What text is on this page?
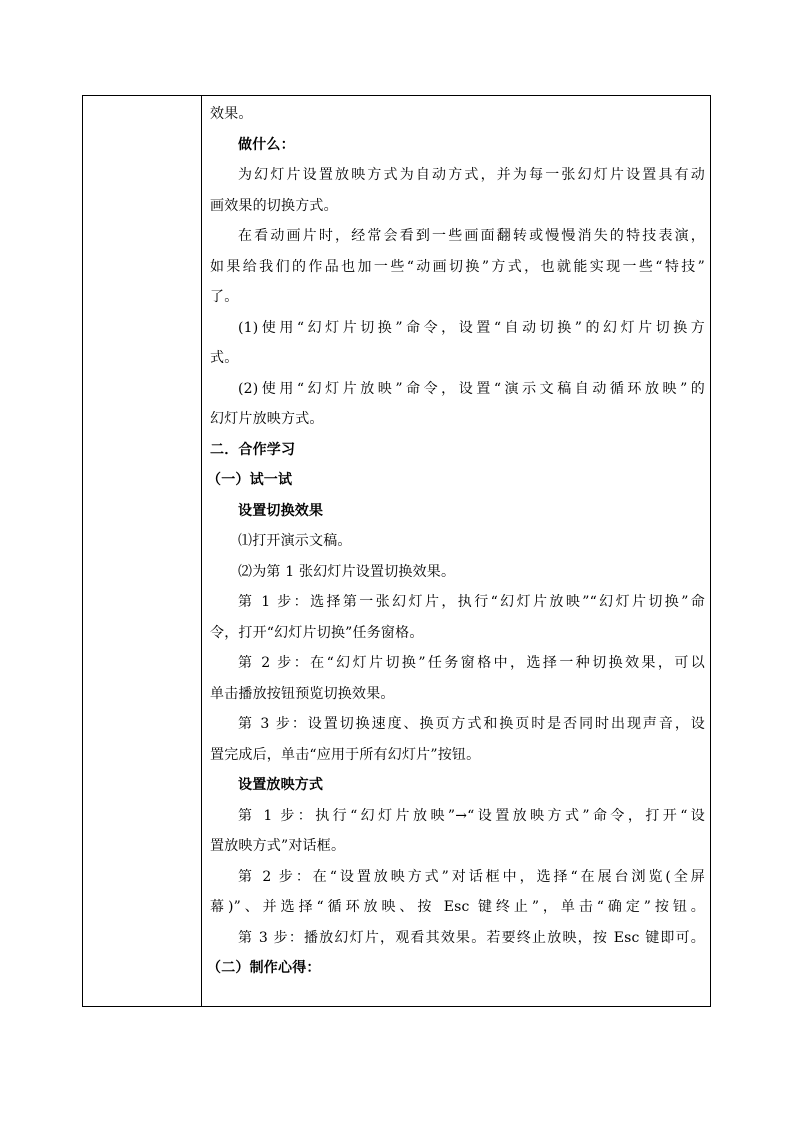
效果。
做什么：
为幻灯片设置放映方式为自动方式，并为每一张幻灯片设置具有动
画效果的切换方式。
在看动画片时，经常会看到一些画面翻转或慢慢消失的特技表演，
如果给我们的作品也加一些“动画切换”方式，也就能实现一些“特技”
了。
(1)使用“幻灯片切换”命令，设置“自动切换”的幻灯片切换方
式。
(2)使用“幻灯片放映”命令，设置“演示文稿自动循环放映”的
幻灯片放映方式。
二．合作学习
（一）试一试
设置切换效果
⑴打开演示文稿。
⑵为第 1 张幻灯片设置切换效果。
第 1 步：选择第一张幻灯片，执行“幻灯片放映”“幻灯片切换”命
令，打开“幻灯片切换”任务窗格。
第 2 步：在“幻灯片切换”任务窗格中，选择一种切换效果，可以
单击播放按钮预览切换效果。
第 3 步：设置切换速度、换页方式和换页时是否同时出现声音，设
置完成后，单击“应用于所有幻灯片”按钮。
设置放映方式
第 1 步：执行“幻灯片放映”→“设置放映方式”命令，打开“设
置放映方式”对话框。
第 2 步：在“设置放映方式”对话框中，选择“在展台浏览(全屏
幕)”、并选择“循环放映、按 Esc 键终止”，单击“确定”按钮。
第 3 步：播放幻灯片，观看其效果。若要终止放映，按 Esc 键即可。
（二）制作心得：
